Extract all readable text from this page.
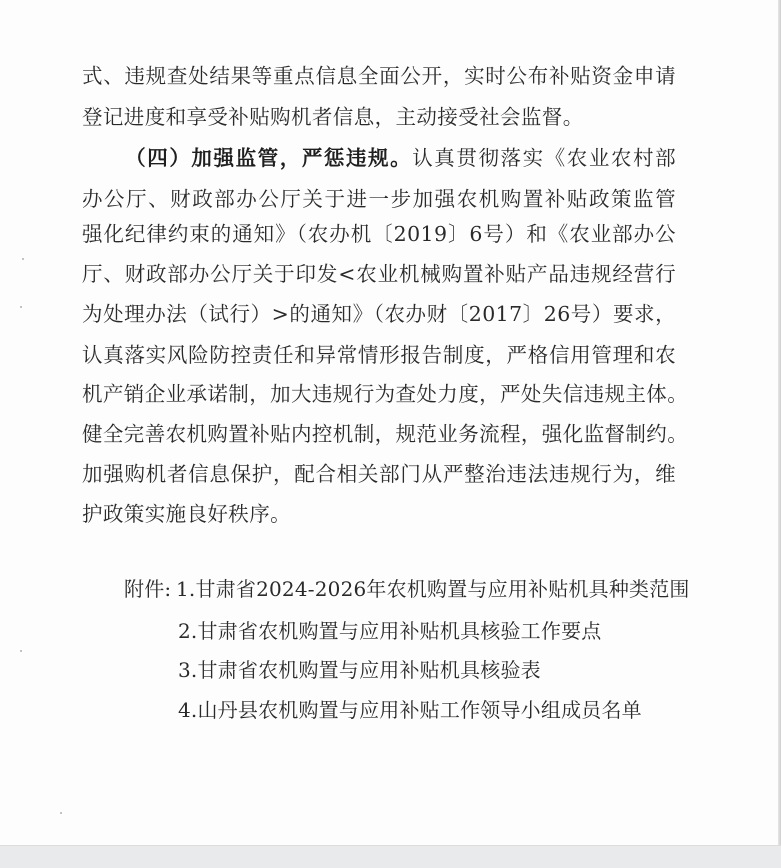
式、违规查处结果等重点信息全面公开，实时公布补贴资金申请
登记进度和享受补贴购机者信息，主动接受社会监督。
（四）加强监管，严惩违规。认真贯彻落实《农业农村部
办公厅、财政部办公厅关于进一步加强农机购置补贴政策监管
强化纪律约束的通知》（农办机〔2019〕6号）和《农业部办公
厅、财政部办公厅关于印发<农业机械购置补贴产品违规经营行
为处理办法（试行）>的通知》（农办财〔2017〕26号）要求，
认真落实风险防控责任和异常情形报告制度，严格信用管理和农
机产销企业承诺制，加大违规行为查处力度，严处失信违规主体。
健全完善农机购置补贴内控机制，规范业务流程，强化监督制约。
加强购机者信息保护，配合相关部门从严整治违法违规行为，维
护政策实施良好秩序。
附件: 1.甘肃省2024-2026年农机购置与应用补贴机具种类范围
2.甘肃省农机购置与应用补贴机具核验工作要点
3.甘肃省农机购置与应用补贴机具核验表
4.山丹县农机购置与应用补贴工作领导小组成员名单
